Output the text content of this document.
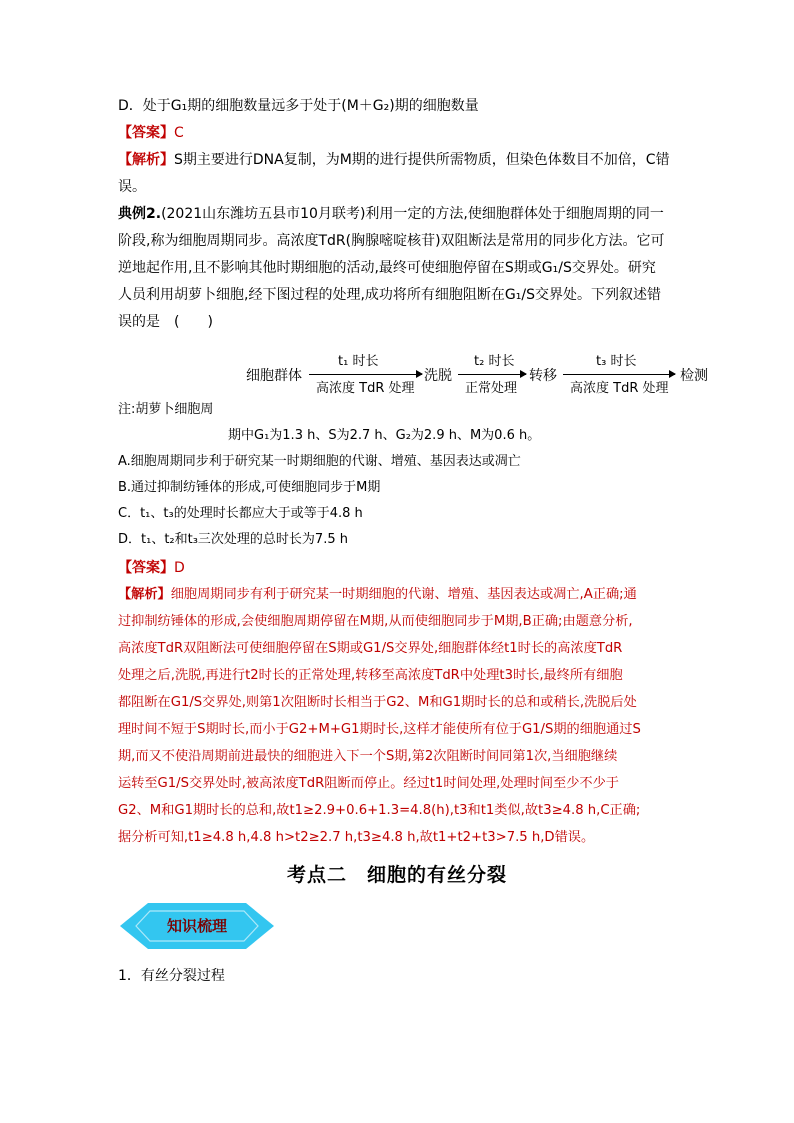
D．处于G₁期的细胞数量远多于处于(M＋G₂)期的细胞数量
【答案】C
【解析】S期主要进行DNA复制，为M期的进行提供所需物质，但染色体数目不加倍，C错
误。
典例2.(2021山东潍坊五县市10月联考)利用一定的方法,使细胞群体处于细胞周期的同一
阶段,称为细胞周期同步。高浓度TdR(胸腺嘧啶核苷)双阻断法是常用的同步化方法。它可
逆地起作用,且不影响其他时期细胞的活动,最终可使细胞停留在S期或G₁/S交界处。研究
人员利用胡萝卜细胞,经下图过程的处理,成功将所有细胞阻断在G₁/S交界处。下列叙述错
误的是　(　　)
细胞群体
t₁ 时长
高浓度 TdR 处理
洗脱
t₂ 时长
正常处理
转移
t₃ 时长
高浓度 TdR 处理
检测
注:胡萝卜细胞周
期中G₁为1.3 h、S为2.7 h、G₂为2.9 h、M为0.6 h。
A.细胞周期同步利于研究某一时期细胞的代谢、增殖、基因表达或凋亡
B.通过抑制纺锤体的形成,可使细胞同步于M期
C．t₁、t₃的处理时长都应大于或等于4.8 h
D．t₁、t₂和t₃三次处理的总时长为7.5 h
【答案】D
【解析】细胞周期同步有利于研究某一时期细胞的代谢、增殖、基因表达或凋亡,A正确;通
过抑制纺锤体的形成,会使细胞周期停留在M期,从而使细胞同步于M期,B正确;由题意分析,
高浓度TdR双阻断法可使细胞停留在S期或G1/S交界处,细胞群体经t1时长的高浓度TdR
处理之后,洗脱,再进行t2时长的正常处理,转移至高浓度TdR中处理t3时长,最终所有细胞
都阻断在G1/S交界处,则第1次阻断时长相当于G2、M和G1期时长的总和或稍长,洗脱后处
理时间不短于S期时长,而小于G2+M+G1期时长,这样才能使所有位于G1/S期的细胞通过S
期,而又不使沿周期前进最快的细胞进入下一个S期,第2次阻断时间同第1次,当细胞继续
运转至G1/S交界处时,被高浓度TdR阻断而停止。经过t1时间处理,处理时间至少不少于
G2、M和G1期时长的总和,故t1≥2.9+0.6+1.3=4.8(h),t3和t1类似,故t3≥4.8 h,C正确;
据分析可知,t1≥4.8 h,4.8 h>t2≥2.7 h,t3≥4.8 h,故t1+t2+t3>7.5 h,D错误。
考点二　细胞的有丝分裂
知识梳理
1．有丝分裂过程
